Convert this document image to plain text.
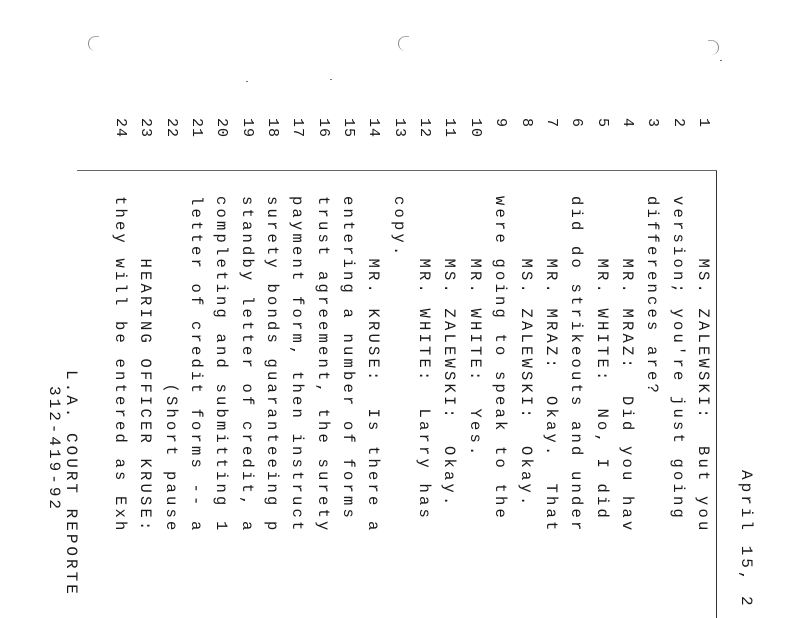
April 15, 2
1
MS. ZALEWSKI:  But you
2
version; you're just going
3
differences are?
4
MR. MRAZ:  Did you hav
5
MR. WHITE:  No, I did
6
did do strikeouts and under
7
MR. MRAZ:  Okay.  That
8
MS. ZALEWSKI:  Okay.
9
were going to speak to the
10
MR. WHITE:  Yes.
11
MS. ZALEWSKI:  Okay.
12
MR. WHITE:  Larry has
13
copy.
14
MR. KRUSE:  Is there a
15
entering a number of forms
16
trust agreement, the surety
17
payment form, then instruct
18
surety bonds guaranteeing p
19
standby letter of credit, a
20
completing and submitting 1
21
letter of credit forms -- a
22
(Short pause
23
HEARING OFFICER KRUSE:
24
they will be entered as Exh
L.A. COURT REPORTE
312-419-92
